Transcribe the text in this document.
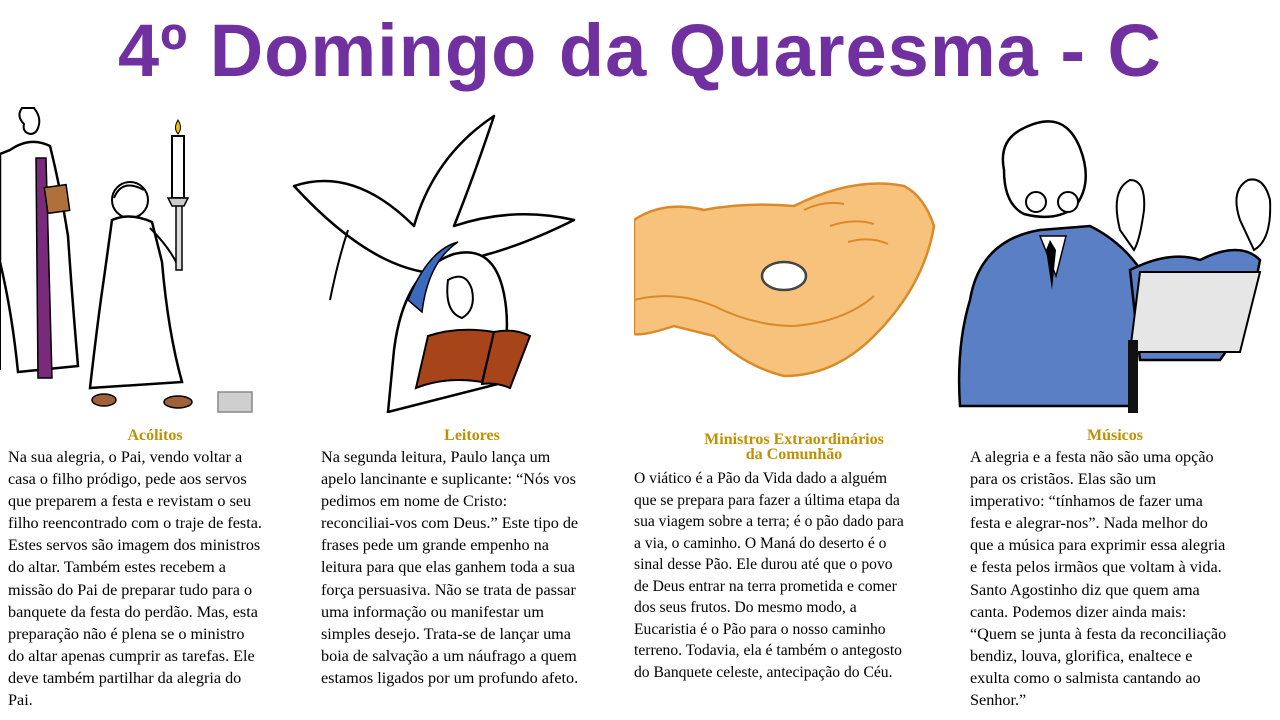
4º Domingo da Quaresma - C
Acólitos
Na sua alegria, o Pai, vendo voltar a
casa o filho pródigo, pede aos servos
que preparem a festa e revistam o seu
filho reencontrado com o traje de festa.
Estes servos são imagem dos ministros
do altar. Também estes recebem a
missão do Pai de preparar tudo para o
banquete da festa do perdão. Mas, esta
preparação não é plena se o ministro
do altar apenas cumprir as tarefas. Ele
deve também partilhar da alegria do
Pai.
Leitores
Na segunda leitura, Paulo lança um
apelo lancinante e suplicante: “Nós vos
pedimos em nome de Cristo:
reconciliai-vos com Deus.” Este tipo de
frases pede um grande empenho na
leitura para que elas ganhem toda a sua
força persuasiva. Não se trata de passar
uma informação ou manifestar um
simples desejo. Trata-se de lançar uma
boia de salvação a um náufrago a quem
estamos ligados por um profundo afeto.
Ministros Extraordinários
da Comunhão
O viático é a Pão da Vida dado a alguém
que se prepara para fazer a última etapa da
sua viagem sobre a terra; é o pão dado para
a via, o caminho. O Maná do deserto é o
sinal desse Pão. Ele durou até que o povo
de Deus entrar na terra prometida e comer
dos seus frutos. Do mesmo modo, a
Eucaristia é o Pão para o nosso caminho
terreno. Todavia, ela é também o antegosto
do Banquete celeste, antecipação do Céu.
Músicos
A alegria e a festa não são uma opção
para os cristãos. Elas são um
imperativo: “tínhamos de fazer uma
festa e alegrar-nos”. Nada melhor do
que a música para exprimir essa alegria
e festa pelos irmãos que voltam à vida.
Santo Agostinho diz que quem ama
canta. Podemos dizer ainda mais:
“Quem se junta à festa da reconciliação
bendiz, louva, glorifica, enaltece e
exulta como o salmista cantando ao
Senhor.”
